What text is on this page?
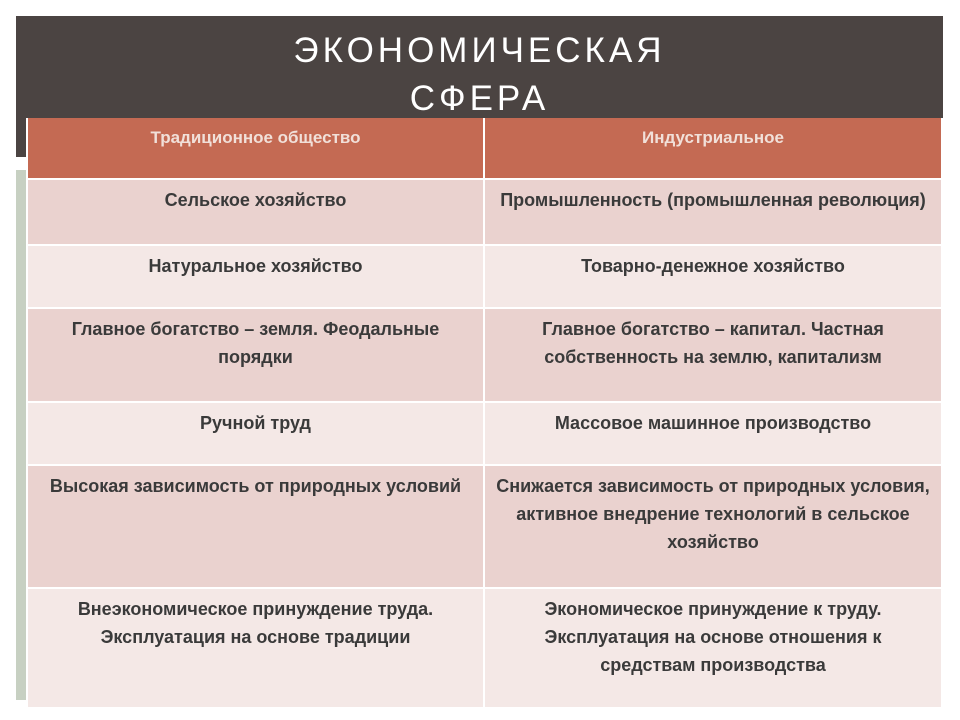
ЭКОНОМИЧЕСКАЯ
СФЕРА
Традиционное общество	Индустриальное
Сельское хозяйство	Промышленность (промышленная революция)
Натуральное хозяйство	Товарно-денежное хозяйство
Главное богатство – земля. Феодальные порядки	Главное богатство – капитал. Частная собственность на землю, капитализм
Ручной труд	Массовое машинное производство
Высокая зависимость от природных условий	Снижается зависимость от природных условия, активное внедрение технологий в сельское хозяйство
Внеэкономическое принуждение труда. Эксплуатация на основе традиции	Экономическое принуждение к труду. Эксплуатация на основе отношения к средствам производства
